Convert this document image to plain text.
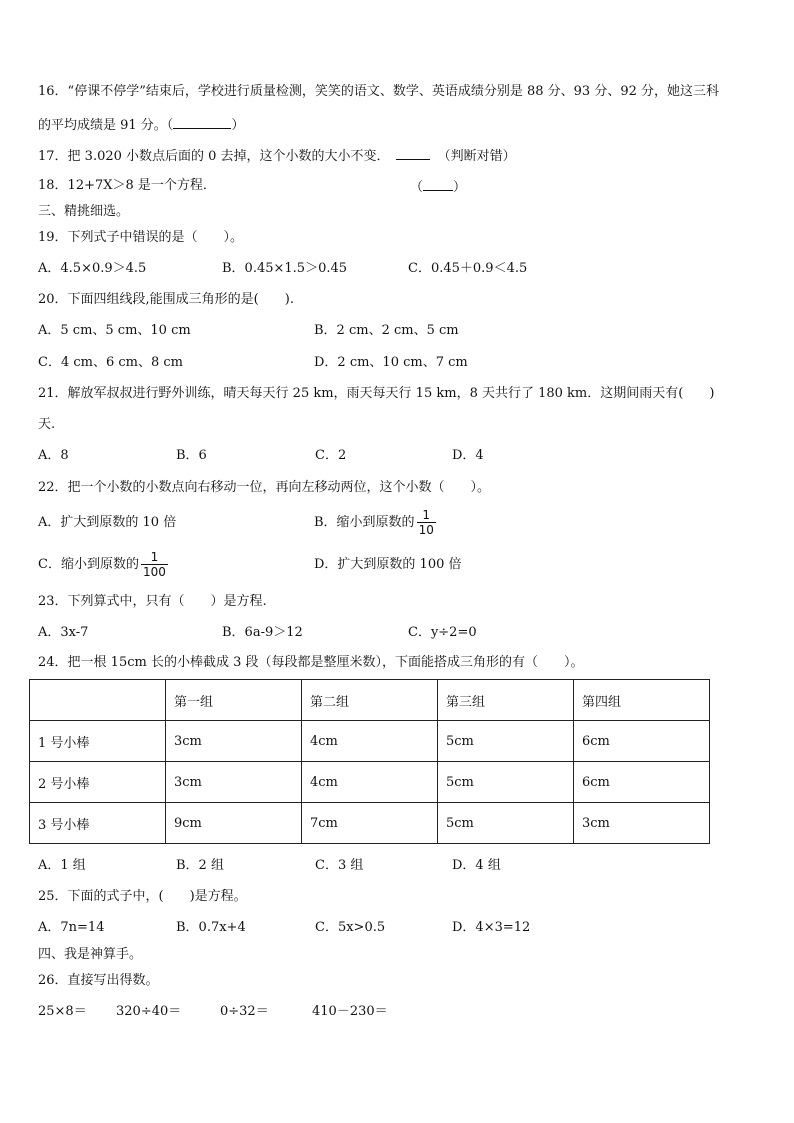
16．“停课不停学”结束后，学校进行质量检测，笑笑的语文、数学、英语成绩分别是 88 分、93 分、92 分，她这三科
的平均成绩是 91 分。（	）
17．把 3.020 小数点后面的 0 去掉，这个小数的大小不变．	（判断对错）
18．12+7X＞8 是一个方程．	（ ）
三、精挑细选。
19．下列式子中错误的是（　　）。
A．4.5×0.9＞4.5	B．0.45×1.5＞0.45	C．0.45＋0.9＜4.5
20．下面四组线段,能围成三角形的是(　　).
A．5 cm、5 cm、10 cm	B．2 cm、2 cm、5 cm
C．4 cm、6 cm、8 cm	D．2 cm、10 cm、7 cm
21．解放军叔叔进行野外训练，晴天每天行 25 km，雨天每天行 15 km，8 天共行了 180 km．这期间雨天有(　　)
天.
A．8	B．6	C．2	D．4
22．把一个小数的小数点向右移动一位，再向左移动两位，这个小数（　　）。
A．扩大到原数的 10 倍	B．缩小到原数的 $\frac{1}{10}$
C．缩小到原数的 $\frac{1}{100}$	D．扩大到原数的 100 倍
23．下列算式中，只有（　　）是方程.
A．3x-7	B．6a-9＞12	C．y÷2=0
24．把一根 15cm 长的小棒截成 3 段（每段都是整厘米数），下面能搭成三角形的有（　　）。
	第一组	第二组	第三组	第四组
1 号小棒	3cm	4cm	5cm	6cm
2 号小棒	3cm	4cm	5cm	6cm
3 号小棒	9cm	7cm	5cm	3cm
A．1 组	B．2 组	C．3 组	D．4 组
25．下面的式子中，(　　)是方程。
A．7n=14	B．0.7x+4	C．5x>0.5	D．4×3=12
四、我是神算手。
26．直接写出得数。
25×8＝ 320÷40＝	0÷32＝	410－230＝
